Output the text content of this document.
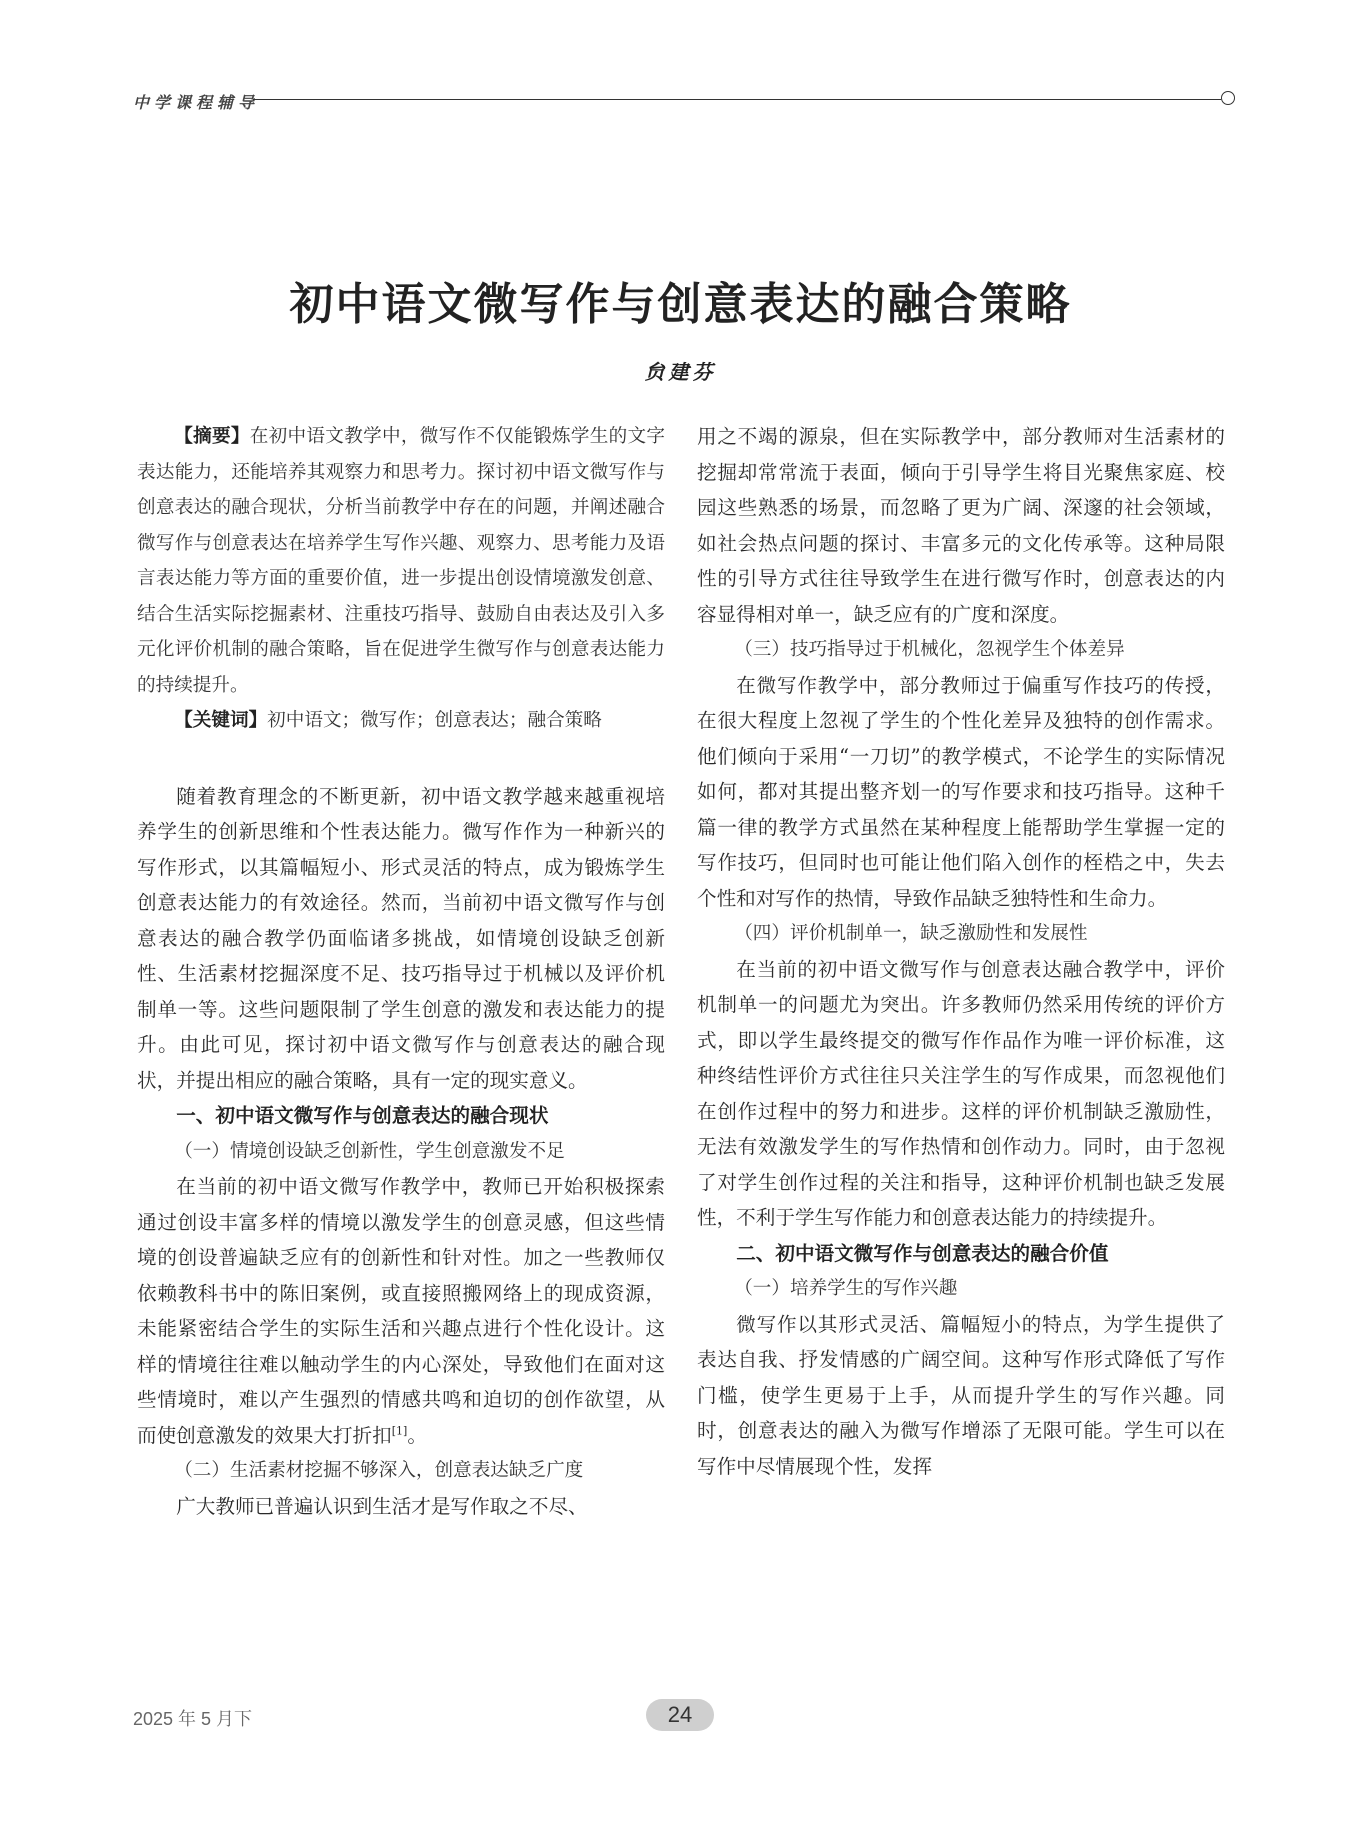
中学课程辅导
初中语文微写作与创意表达的融合策略
贠建芬

【摘要】在初中语文教学中，微写作不仅能锻炼学生的文字表达能力，还能培养其观察力和思考力。探讨初中语文微写作与创意表达的融合现状，分析当前教学中存在的问题，并阐述融合微写作与创意表达在培养学生写作兴趣、观察力、思考能力及语言表达能力等方面的重要价值，进一步提出创设情境激发创意、结合生活实际挖掘素材、注重技巧指导、鼓励自由表达及引入多元化评价机制的融合策略，旨在促进学生微写作与创意表达能力的持续提升。

【关键词】初中语文；微写作；创意表达；融合策略

随着教育理念的不断更新，初中语文教学越来越重视培养学生的创新思维和个性表达能力。微写作作为一种新兴的写作形式，以其篇幅短小、形式灵活的特点，成为锻炼学生创意表达能力的有效途径。然而，当前初中语文微写作与创意表达的融合教学仍面临诸多挑战，如情境创设缺乏创新性、生活素材挖掘深度不足、技巧指导过于机械以及评价机制单一等。这些问题限制了学生创意的激发和表达能力的提升。由此可见，探讨初中语文微写作与创意表达的融合现状，并提出相应的融合策略，具有一定的现实意义。

一、初中语文微写作与创意表达的融合现状
（一）情境创设缺乏创新性，学生创意激发不足

在当前的初中语文微写作教学中，教师已开始积极探索通过创设丰富多样的情境以激发学生的创意灵感，但这些情境的创设普遍缺乏应有的创新性和针对性。加之一些教师仅依赖教科书中的陈旧案例，或直接照搬网络上的现成资源，未能紧密结合学生的实际生活和兴趣点进行个性化设计。这样的情境往往难以触动学生的内心深处，导致他们在面对这些情境时，难以产生强烈的情感共鸣和迫切的创作欲望，从而使创意激发的效果大打折扣[1]。

（二）生活素材挖掘不够深入，创意表达缺乏广度

广大教师已普遍认识到生活才是写作取之不尽、

用之不竭的源泉，但在实际教学中，部分教师对生活素材的挖掘却常常流于表面，倾向于引导学生将目光聚焦家庭、校园这些熟悉的场景，而忽略了更为广阔、深邃的社会领域，如社会热点问题的探讨、丰富多元的文化传承等。这种局限性的引导方式往往导致学生在进行微写作时，创意表达的内容显得相对单一，缺乏应有的广度和深度。

（三）技巧指导过于机械化，忽视学生个体差异

在微写作教学中，部分教师过于偏重写作技巧的传授，在很大程度上忽视了学生的个性化差异及独特的创作需求。他们倾向于采用“一刀切”的教学模式，不论学生的实际情况如何，都对其提出整齐划一的写作要求和技巧指导。这种千篇一律的教学方式虽然在某种程度上能帮助学生掌握一定的写作技巧，但同时也可能让他们陷入创作的桎梏之中，失去个性和对写作的热情，导致作品缺乏独特性和生命力。

（四）评价机制单一，缺乏激励性和发展性

在当前的初中语文微写作与创意表达融合教学中，评价机制单一的问题尤为突出。许多教师仍然采用传统的评价方式，即以学生最终提交的微写作作品作为唯一评价标准，这种终结性评价方式往往只关注学生的写作成果，而忽视他们在创作过程中的努力和进步。这样的评价机制缺乏激励性，无法有效激发学生的写作热情和创作动力。同时，由于忽视了对学生创作过程的关注和指导，这种评价机制也缺乏发展性，不利于学生写作能力和创意表达能力的持续提升。

二、初中语文微写作与创意表达的融合价值
（一）培养学生的写作兴趣

微写作以其形式灵活、篇幅短小的特点，为学生提供了表达自我、抒发情感的广阔空间。这种写作形式降低了写作门槛，使学生更易于上手，从而提升学生的写作兴趣。同时，创意表达的融入为微写作增添了无限可能。学生可以在写作中尽情展现个性，发挥

2025 年 5 月下	24
